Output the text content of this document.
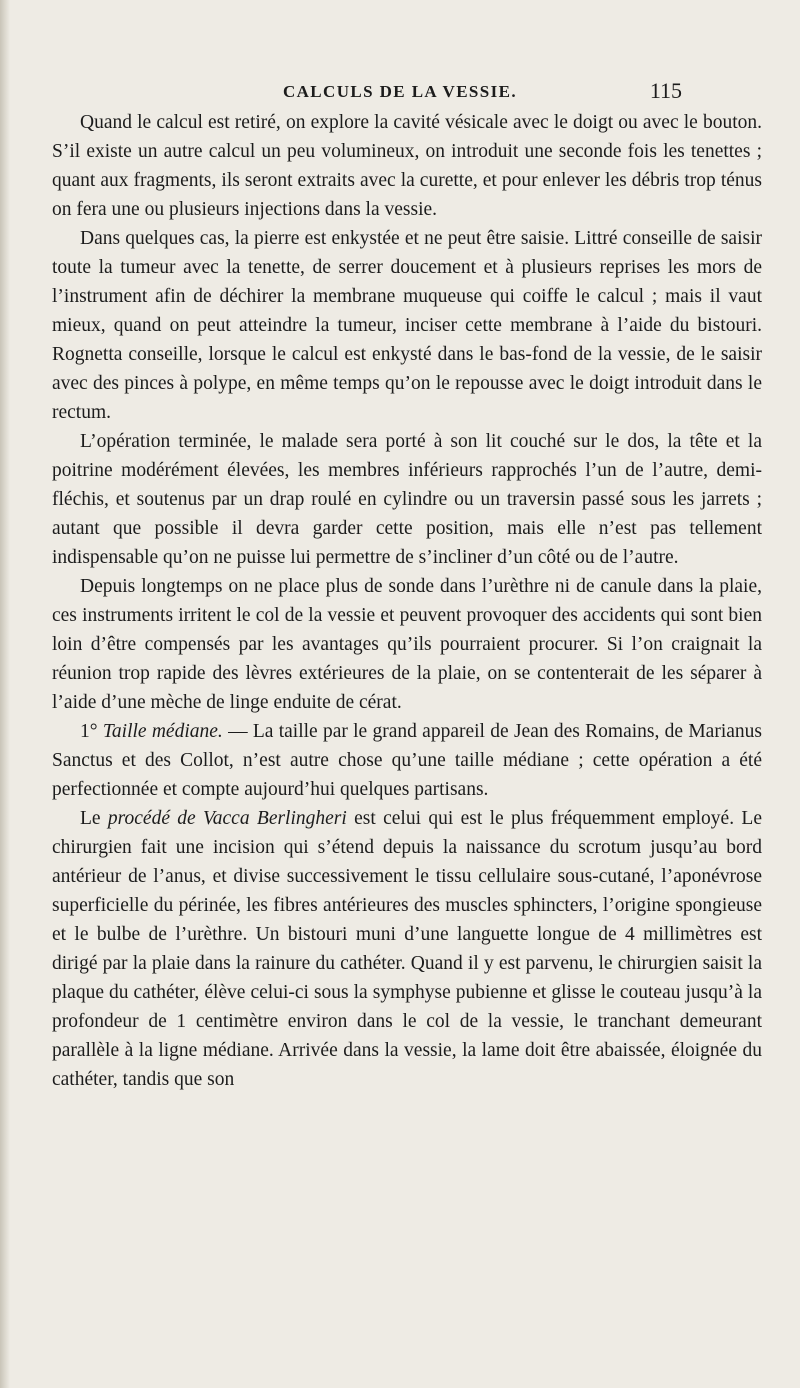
CALCULS DE LA VESSIE.	115

Quand le calcul est retiré, on explore la cavité vésicale avec le doigt ou avec le bouton. S’il existe un autre calcul un peu volumineux, on introduit une seconde fois les tenettes ; quant aux fragments, ils seront extraits avec la curette, et pour enlever les débris trop ténus on fera une ou plusieurs injections dans la vessie.

Dans quelques cas, la pierre est enkystée et ne peut être saisie. Littré conseille de saisir toute la tumeur avec la tenette, de serrer doucement et à plusieurs reprises les mors de l’instrument afin de déchirer la membrane muqueuse qui coiffe le calcul ; mais il vaut mieux, quand on peut atteindre la tumeur, inciser cette membrane à l’aide du bistouri. Rognetta conseille, lorsque le calcul est enkysté dans le bas-fond de la vessie, de le saisir avec des pinces à polype, en même temps qu’on le repousse avec le doigt introduit dans le rectum.

L’opération terminée, le malade sera porté à son lit couché sur le dos, la tête et la poitrine modérément élevées, les membres inférieurs rapprochés l’un de l’autre, demi-fléchis, et soutenus par un drap roulé en cylindre ou un traversin passé sous les jarrets ; autant que possible il devra garder cette position, mais elle n’est pas tellement indispensable qu’on ne puisse lui permettre de s’incliner d’un côté ou de l’autre.

Depuis longtemps on ne place plus de sonde dans l’urèthre ni de canule dans la plaie, ces instruments irritent le col de la vessie et peuvent provoquer des accidents qui sont bien loin d’être compensés par les avantages qu’ils pourraient procurer. Si l’on craignait la réunion trop rapide des lèvres extérieures de la plaie, on se contenterait de les séparer à l’aide d’une mèche de linge enduite de cérat.

1° Taille médiane. — La taille par le grand appareil de Jean des Romains, de Marianus Sanctus et des Collot, n’est autre chose qu’une taille médiane ; cette opération a été perfectionnée et compte aujourd’hui quelques partisans.

Le procédé de Vacca Berlingheri est celui qui est le plus fréquemment employé. Le chirurgien fait une incision qui s’étend depuis la naissance du scrotum jusqu’au bord antérieur de l’anus, et divise successivement le tissu cellulaire sous-cutané, l’aponévrose superficielle du périnée, les fibres antérieures des muscles sphincters, l’origine spongieuse et le bulbe de l’urèthre. Un bistouri muni d’une languette longue de 4 millimètres est dirigé par la plaie dans la rainure du cathéter. Quand il y est parvenu, le chirurgien saisit la plaque du cathéter, élève celui-ci sous la symphyse pubienne et glisse le couteau jusqu’à la profondeur de 1 centimètre environ dans le col de la vessie, le tranchant demeurant parallèle à la ligne médiane. Arrivée dans la vessie, la lame doit être abaissée, éloignée du cathéter, tandis que son
